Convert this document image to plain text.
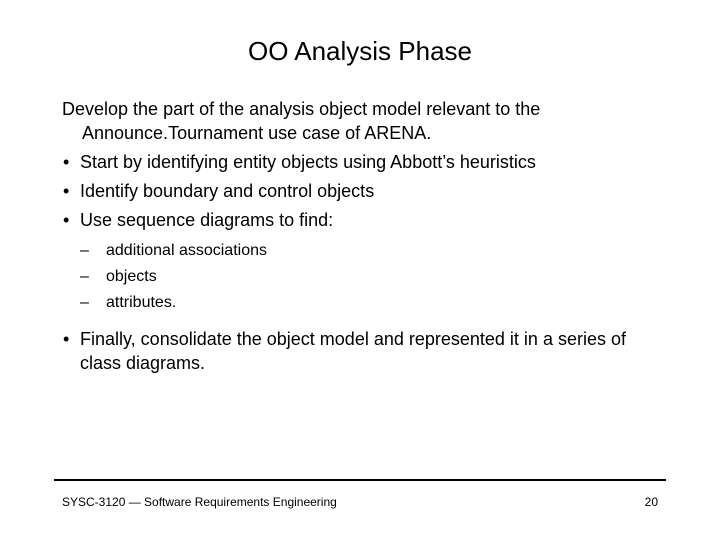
OO Analysis Phase

Develop the part of the analysis object model relevant to the Announce.Tournament use case of ARENA.

• Start by identifying entity objects using Abbott’s heuristics
• Identify boundary and control objects
• Use sequence diagrams to find:
– additional associations
– objects
– attributes.
• Finally, consolidate the object model and represented it in a series of class diagrams.
SYSC-3120 — Software Requirements Engineering	20
